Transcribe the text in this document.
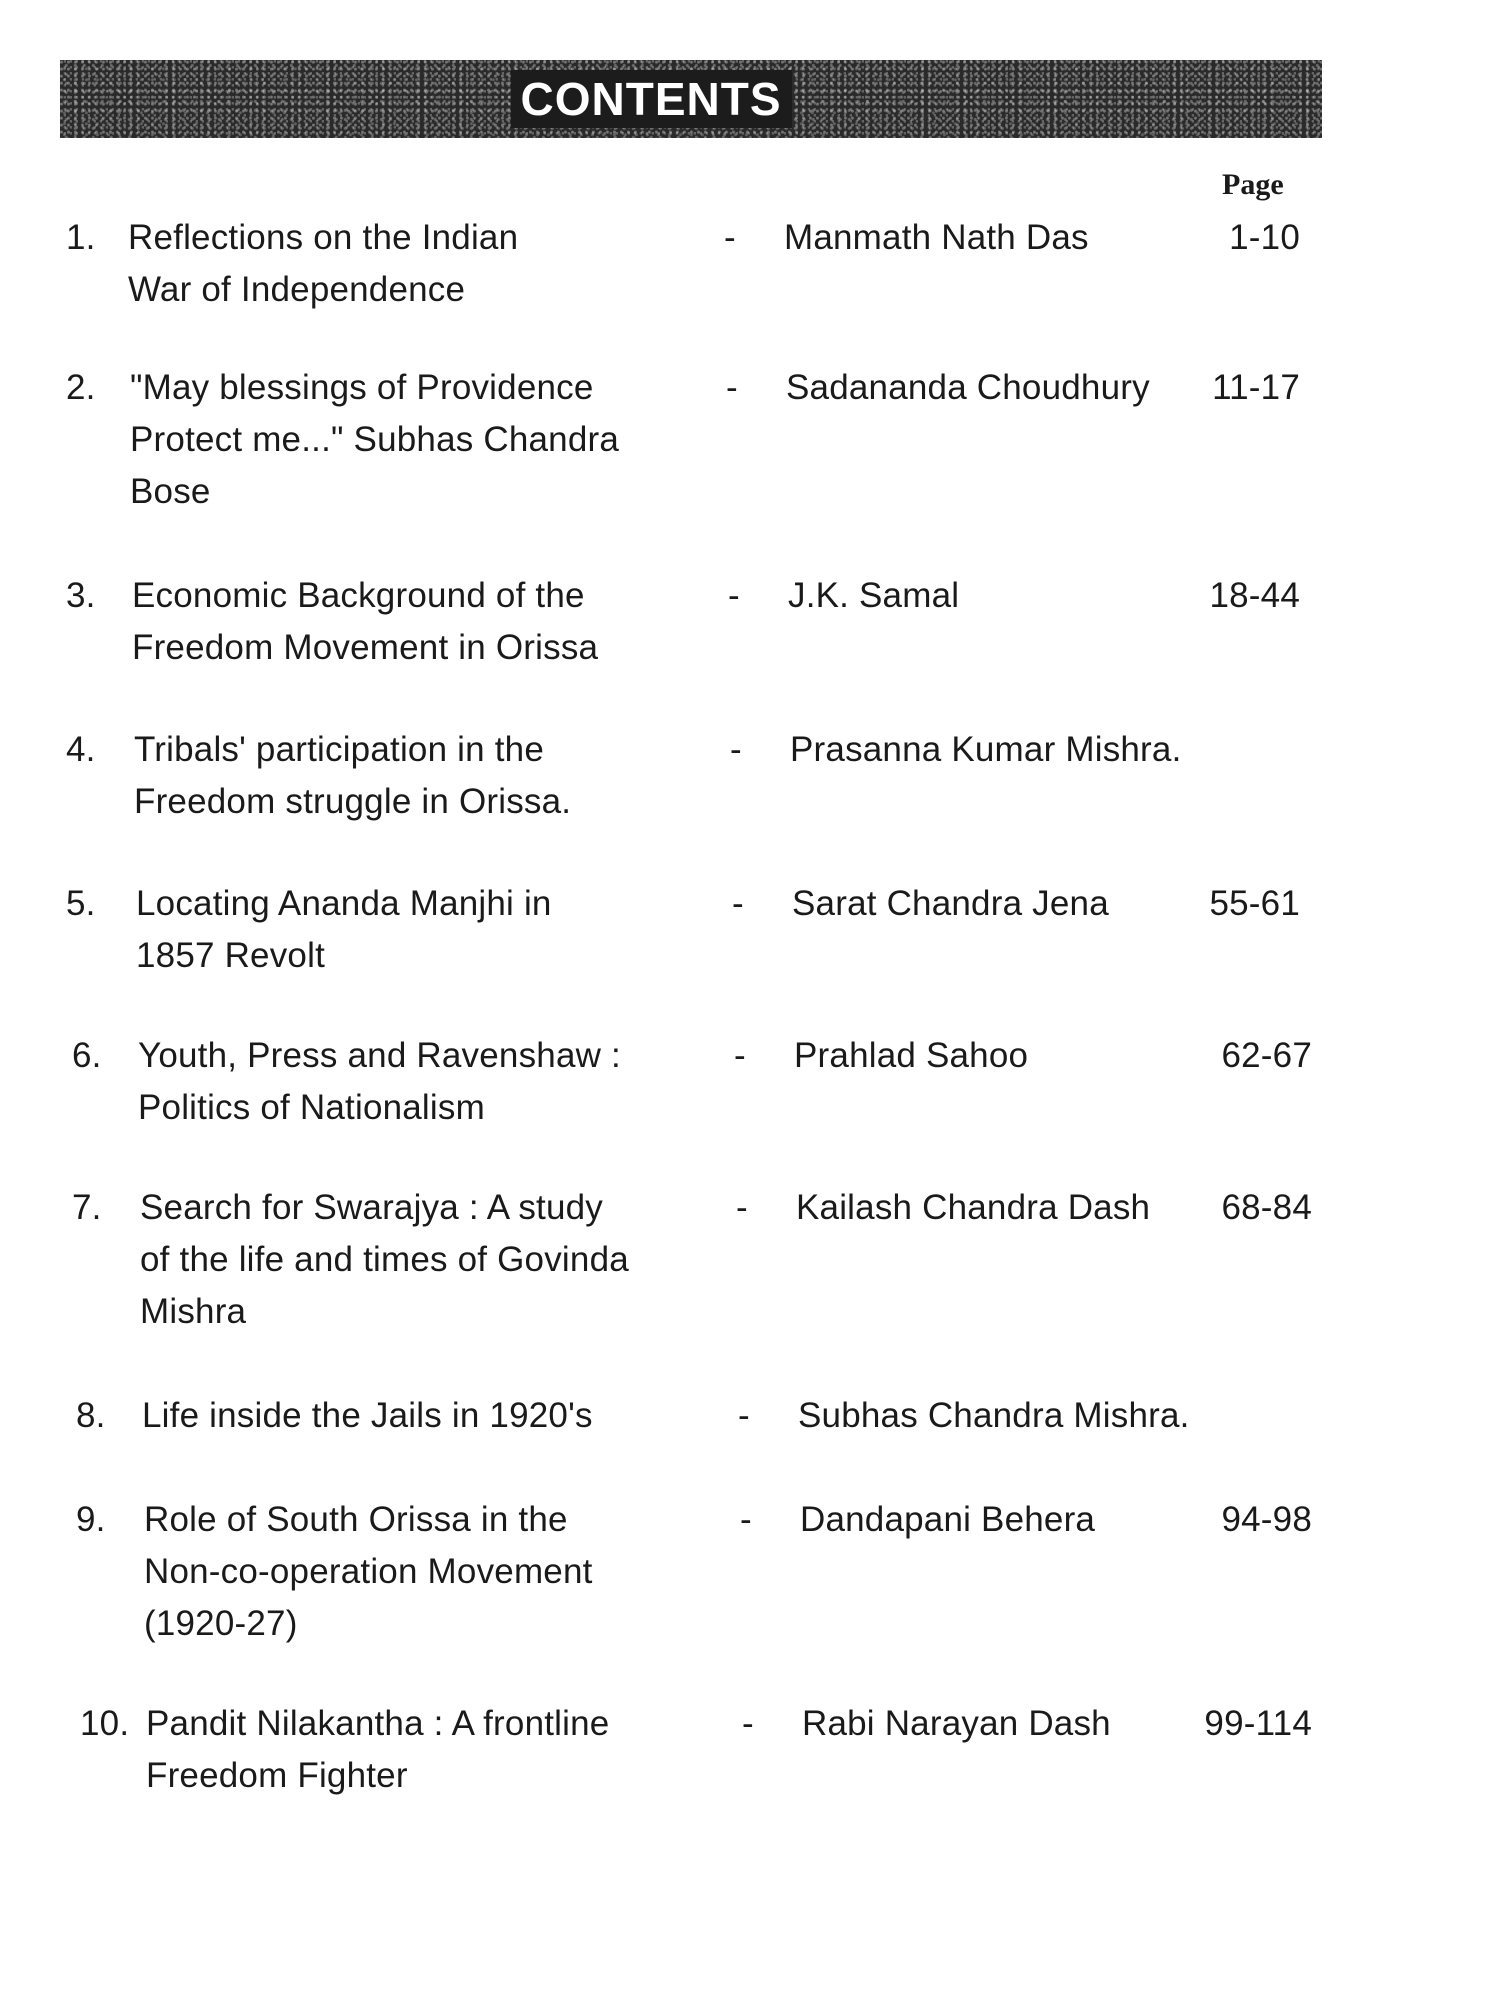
CONTENTS
Page
1. Reflections on the Indian
War of Independence
- Manmath Nath Das	1-10
2. "May blessings of Providence
Protect me..." Subhas Chandra
Bose
- Sadananda Choudhury 11-17
3.	Economic Background of the
Freedom Movement in Orissa
- J.K. Samal	18-44
4.	Tribals' participation in the
Freedom struggle in Orissa.
- Prasanna Kumar Mishra.
5.	Locating Ananda Manjhi in
1857 Revolt
- Sarat Chandra Jena	55-61
6.	Youth, Press and Ravenshaw :
Politics of Nationalism
- Prahlad Sahoo	62-67
7.	Search for Swarajya : A study
of the life and times of Govinda
Mishra
- Kailash Chandra Dash 68-84
8.	Life inside the Jails in 1920's	- Subhas Chandra Mishra.
9.	Role of South Orissa in the
Non-co-operation Movement
(1920-27)
- Dandapani Behera	94-98
10. Pandit Nilakantha : A frontline
Freedom Fighter
- Rabi Narayan Dash	99-114
